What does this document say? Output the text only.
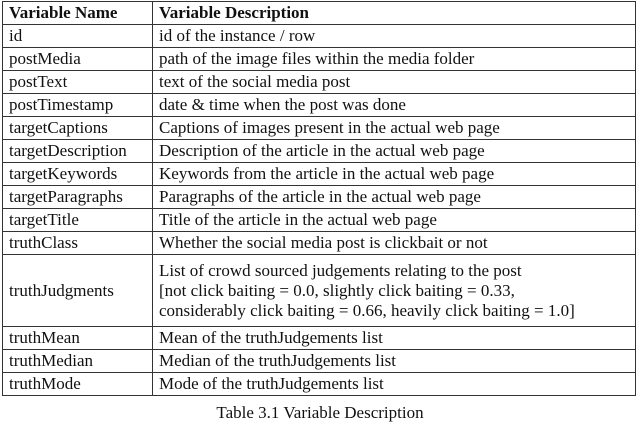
Variable Name	Variable Description
id	id of the instance / row

postMedia	path of the image files within the media folder

postText	text of the social media post

postTimestamp	date & time when the post was done

targetCaptions	Captions of images present in the actual web page

targetDescription	Description of the article in the actual web page

targetKeywords	Keywords from the article in the actual web page

targetParagraphs	Paragraphs of the article in the actual web page

targetTitle	Title of the article in the actual web page

truthClass	Whether the social media post is clickbait or not

truthJudgments	List of crowd sourced judgements relating to the post
[not click baiting = 0.0, slightly click baiting = 0.33,
considerably click baiting = 0.66, heavily click baiting = 1.0]

truthMean	Mean of the truthJudgements list

truthMedian	Median of the truthJudgements list

truthMode	Mode of the truthJudgements list
Table 3.1 Variable Description
